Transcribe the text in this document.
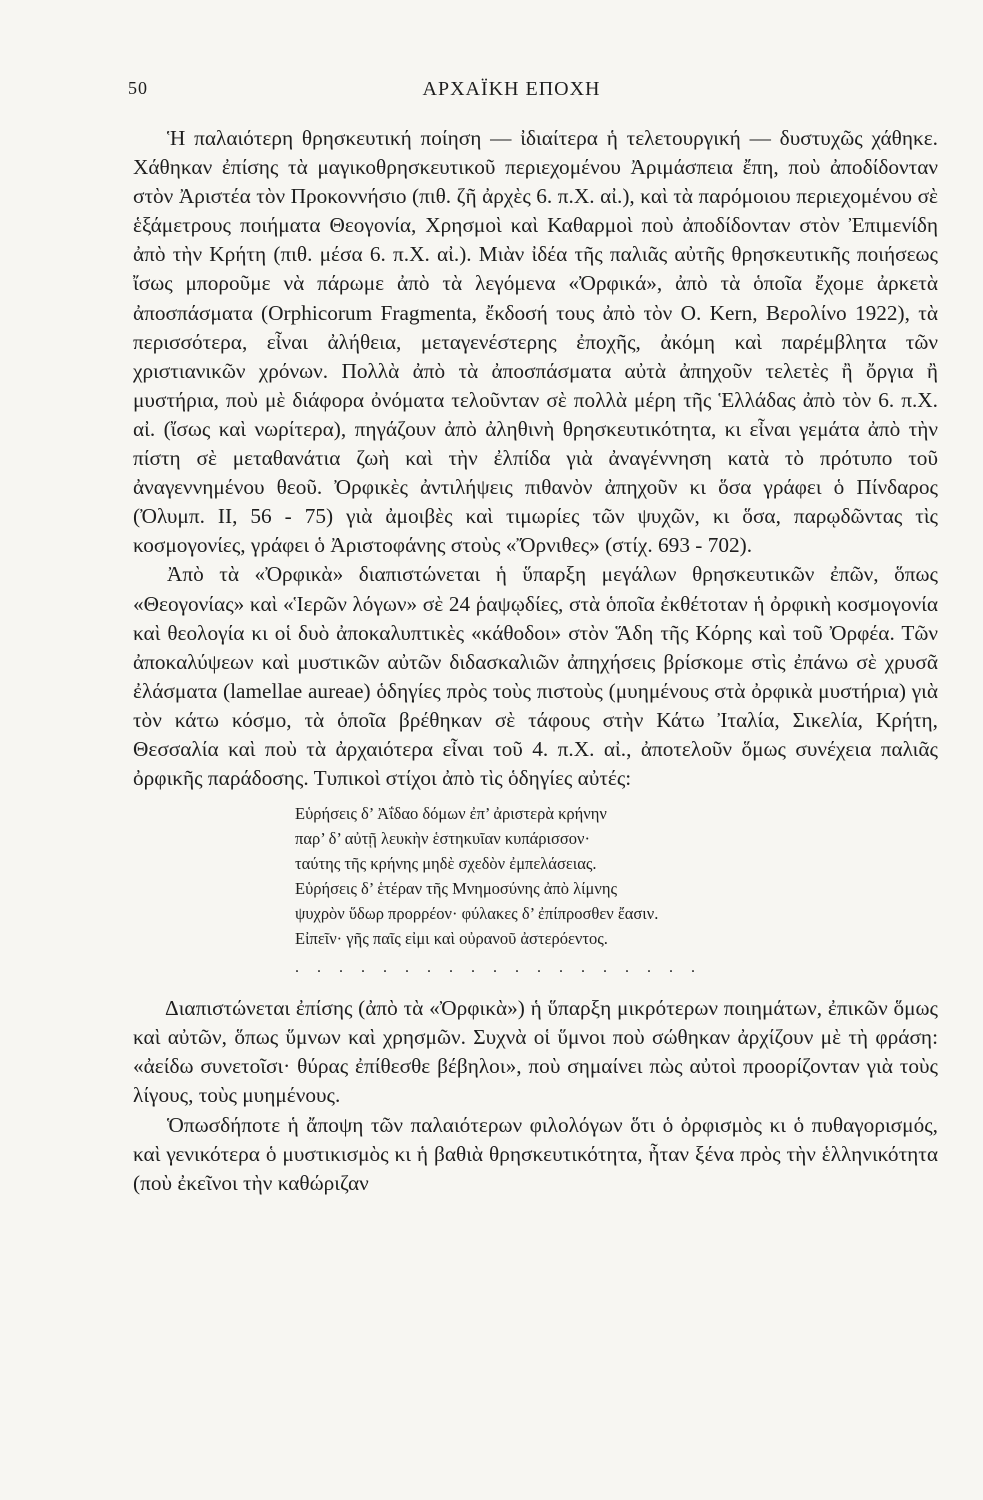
50	ΑΡΧΑΪΚΗ ΕΠΟΧΗ

Ἡ παλαιότερη θρησκευτική ποίηση — ἰδιαίτερα ἡ τελετουργική — δυστυχῶς χάθηκε. Χάθηκαν ἐπίσης τὰ μαγικοθρησκευτικοῦ περιεχομένου Ἀριμάσπεια ἔπη, ποὺ ἀποδίδονταν στὸν Ἀριστέα τὸν Προκοννήσιο (πιθ. ζῆ ἀρχὲς 6. π.Χ. αἰ.), καὶ τὰ παρόμοιου περιεχομένου σὲ ἑξάμετρους ποιήματα Θεογονία, Χρησμοὶ καὶ Καθαρμοὶ ποὺ ἀποδίδονταν στὸν Ἐπιμενίδη ἀπὸ τὴν Κρήτη (πιθ. μέσα 6. π.Χ. αἰ.). Μιὰν ἰδέα τῆς παλιᾶς αὐτῆς θρησκευτικῆς ποιήσεως ἴσως μποροῦμε νὰ πάρωμε ἀπὸ τὰ λεγόμενα «Ὀρφικά», ἀπὸ τὰ ὁποῖα ἔχομε ἀρκετὰ ἀποσπάσματα (Orphicorum Fragmenta, ἔκδοσή τους ἀπὸ τὸν O. Kern, Βερολίνο 1922), τὰ περισσότερα, εἶναι ἀλήθεια, μεταγενέστερης ἐποχῆς, ἀκόμη καὶ παρέμβλητα τῶν χριστιανικῶν χρόνων. Πολλὰ ἀπὸ τὰ ἀποσπάσματα αὐτὰ ἀπηχοῦν τελετὲς ἢ ὄργια ἢ μυστήρια, ποὺ μὲ διάφορα ὀνόματα τελοῦνταν σὲ πολλὰ μέρη τῆς Ἑλλάδας ἀπὸ τὸν 6. π.Χ. αἰ. (ἴσως καὶ νωρίτερα), πηγάζουν ἀπὸ ἀληθινὴ θρησκευτικότητα, κι εἶναι γεμάτα ἀπὸ τὴν πίστη σὲ μεταθανάτια ζωὴ καὶ τὴν ἐλπίδα γιὰ ἀναγέννηση κατὰ τὸ πρότυπο τοῦ ἀναγεννημένου θεοῦ. Ὀρφικὲς ἀντιλήψεις πιθανὸν ἀπηχοῦν κι ὅσα γράφει ὁ Πίνδαρος (Ὀλυμπ. II, 56 - 75) γιὰ ἀμοιβὲς καὶ τιμωρίες τῶν ψυχῶν, κι ὅσα, παρῳδῶντας τὶς κοσμογονίες, γράφει ὁ Ἀριστοφάνης στοὺς «Ὄρνιθες» (στίχ. 693 - 702).

Ἀπὸ τὰ «Ὀρφικὰ» διαπιστώνεται ἡ ὕπαρξη μεγάλων θρησκευτικῶν ἐπῶν, ὅπως «Θεογονίας» καὶ «Ἱερῶν λόγων» σὲ 24 ῥαψῳδίες, στὰ ὁποῖα ἐκθέτοταν ἡ ὀρφικὴ κοσμογονία καὶ θεολογία κι οἱ δυὸ ἀποκαλυπτικὲς «κάθοδοι» στὸν Ἅδη τῆς Κόρης καὶ τοῦ Ὀρφέα. Τῶν ἀποκαλύψεων καὶ μυστικῶν αὐτῶν διδασκαλιῶν ἀπηχήσεις βρίσκομε στὶς ἐπάνω σὲ χρυσᾶ ἐλάσματα (lamellae aureae) ὁδηγίες πρὸς τοὺς πιστοὺς (μυημένους στὰ ὀρφικὰ μυστήρια) γιὰ τὸν κάτω κόσμο, τὰ ὁποῖα βρέθηκαν σὲ τάφους στὴν Κάτω Ἰταλία, Σικελία, Κρήτη, Θεσσαλία καὶ ποὺ τὰ ἀρχαιότερα εἶναι τοῦ 4. π.Χ. αἰ., ἀποτελοῦν ὅμως συνέχεια παλιᾶς ὀρφικῆς παράδοσης. Τυπικοὶ στίχοι ἀπὸ τὶς ὁδηγίες αὐτές:

Εὑρήσεις δ’ Ἀΐδαο δόμων ἐπ’ ἀριστερὰ κρήνην
παρ’ δ’ αὐτῇ λευκὴν ἑστηκυῖαν κυπάρισσον·
ταύτης τῆς κρήνης μηδὲ σχεδὸν ἐμπελάσειας.
Εὑρήσεις δ’ ἑτέραν τῆς Μνημοσύνης ἀπὸ λίμνης
ψυχρὸν ὕδωρ προρρέον· φύλακες δ’ ἐπίπροσθεν ἔασιν.
Εἰπεῖν· γῆς παῖς εἰμι καὶ οὐρανοῦ ἀστερόεντος.
. . . . . . . . . . . . . . . . . . .

Διαπιστώνεται ἐπίσης (ἀπὸ τὰ «Ὀρφικὰ») ἡ ὕπαρξη μικρότερων ποιημάτων, ἐπικῶν ὅμως καὶ αὐτῶν, ὅπως ὕμνων καὶ χρησμῶν. Συχνὰ οἱ ὕμνοι ποὺ σώθηκαν ἀρχίζουν μὲ τὴ φράση: «ἀείδω συνετοῖσι· θύρας ἐπίθεσθε βέβηλοι», ποὺ σημαίνει πὼς αὐτοὶ προορίζονταν γιὰ τοὺς λίγους, τοὺς μυημένους.

Ὁπωσδήποτε ἡ ἄποψη τῶν παλαιότερων φιλολόγων ὅτι ὁ ὀρφισμὸς κι ὁ πυθαγορισμός, καὶ γενικότερα ὁ μυστικισμὸς κι ἡ βαθιὰ θρησκευτικότητα, ἦταν ξένα πρὸς τὴν ἑλληνικότητα (ποὺ ἐκεῖνοι τὴν καθώριζαν
